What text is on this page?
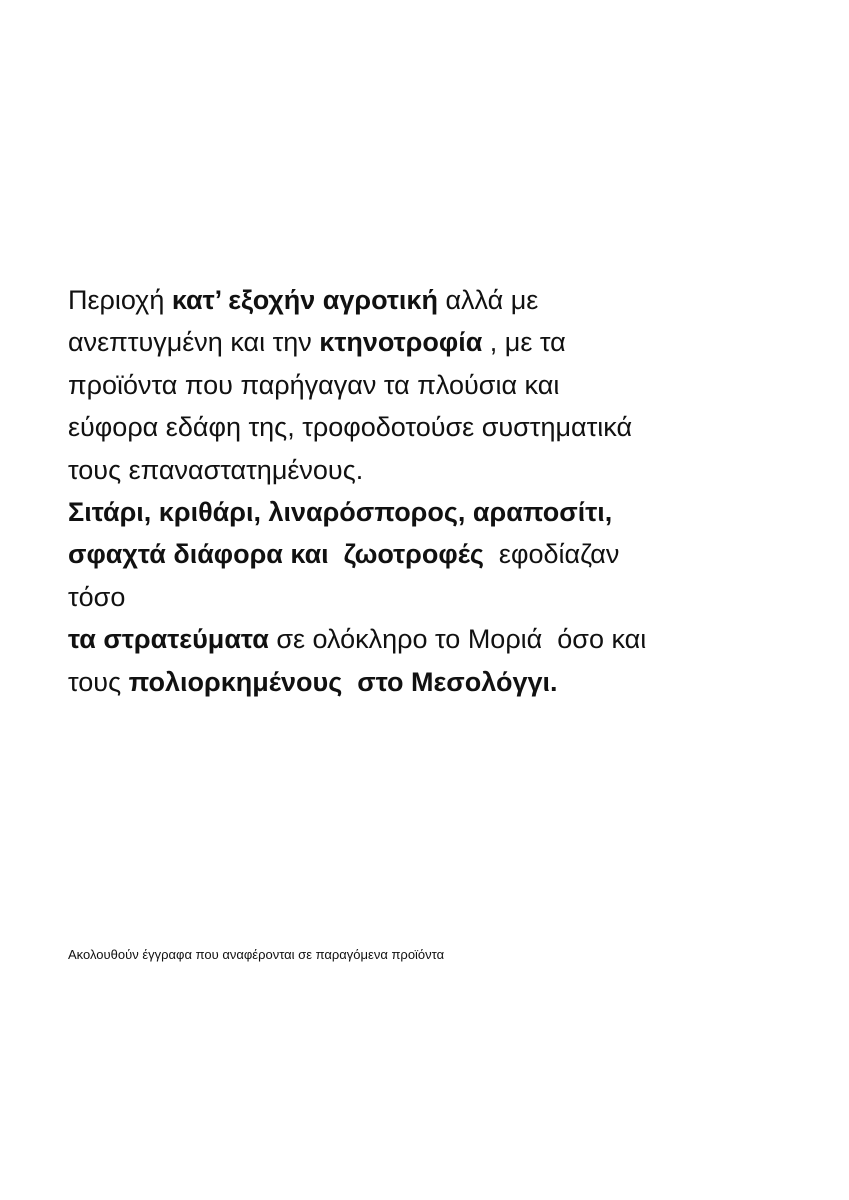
Περιοχή κατ’ εξοχήν αγροτική αλλά με
ανεπτυγμένη και την κτηνοτροφία , με τα
προϊόντα που παρήγαγαν τα πλούσια και
εύφορα εδάφη της, τροφοδοτούσε συστηματικά
τους επαναστατημένους.
Σιτάρι, κριθάρι, λιναρόσπορος, αραποσίτι,
σφαχτά διάφορα και  ζωοτροφές  εφοδίαζαν
τόσο
τα στρατεύματα σε ολόκληρο το Μοριά  όσο και
τους πολιορκημένους  στο Μεσολόγγι.
Ακολουθούν έγγραφα που αναφέρονται σε παραγόμενα προϊόντα
